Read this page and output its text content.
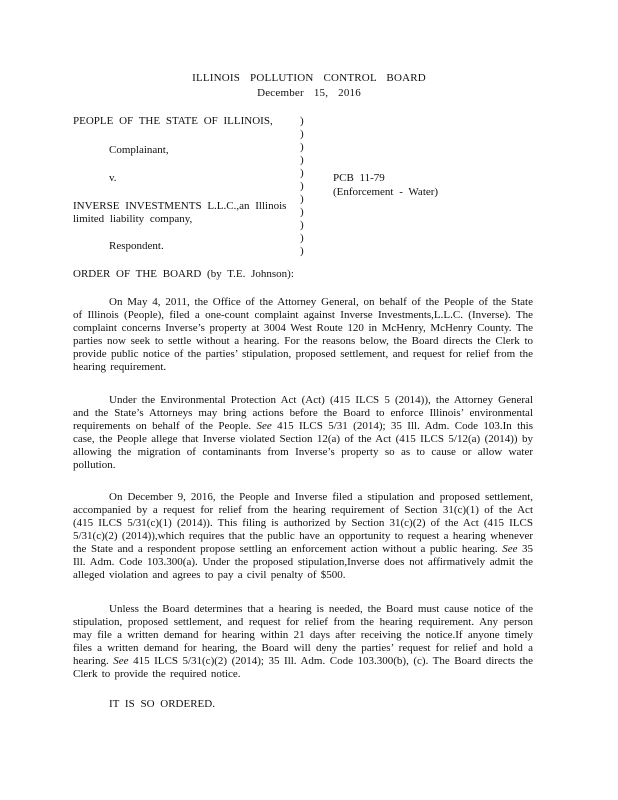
ILLINOIS POLLUTION CONTROL BOARD
December 15, 2016
PEOPLE OF THE STATE OF ILLINOIS,
Complainant,
v.
INVERSE INVESTMENTS L.L.C.,an Illinois
limited liability company,
Respondent.
)
)
)
)
)
)
)
)
)
)
)
PCB 11-79
(Enforcement - Water)
ORDER OF THE BOARD (by T.E. Johnson):
On May 4, 2011, the Office of the Attorney General, on behalf of the People of the State of Illinois (People), filed a one-count complaint against Inverse Investments,L.L.C. (Inverse). The complaint concerns Inverse’s property at 3004 West Route 120 in McHenry, McHenry County. The parties now seek to settle without a hearing. For the reasons below, the Board directs the Clerk to provide public notice of the parties’ stipulation, proposed settlement, and request for relief from the hearing requirement.
Under the Environmental Protection Act (Act) (415 ILCS 5 (2014)), the Attorney General and the State’s Attorneys may bring actions before the Board to enforce Illinois’ environmental requirements on behalf of the People. See 415 ILCS 5/31 (2014); 35 Ill. Adm. Code 103.In this case, the People allege that Inverse violated Section 12(a) of the Act (415 ILCS 5/12(a) (2014)) by allowing the migration of contaminants from Inverse’s property so as to cause or allow water pollution.
On December 9, 2016, the People and Inverse filed a stipulation and proposed settlement, accompanied by a request for relief from the hearing requirement of Section 31(c)(1) of the Act (415 ILCS 5/31(c)(1) (2014)). This filing is authorized by Section 31(c)(2) of the Act (415 ILCS 5/31(c)(2) (2014)),which requires that the public have an opportunity to request a hearing whenever the State and a respondent propose settling an enforcement action without a public hearing. See 35 Ill. Adm. Code 103.300(a). Under the proposed stipulation,Inverse does not affirmatively admit the alleged violation and agrees to pay a civil penalty of $500.
Unless the Board determines that a hearing is needed, the Board must cause notice of the stipulation, proposed settlement, and request for relief from the hearing requirement. Any person may file a written demand for hearing within 21 days after receiving the notice.If anyone timely files a written demand for hearing, the Board will deny the parties’ request for relief and hold a hearing. See 415 ILCS 5/31(c)(2) (2014); 35 Ill. Adm. Code 103.300(b), (c). The Board directs the Clerk to provide the required notice.
IT IS SO ORDERED.
